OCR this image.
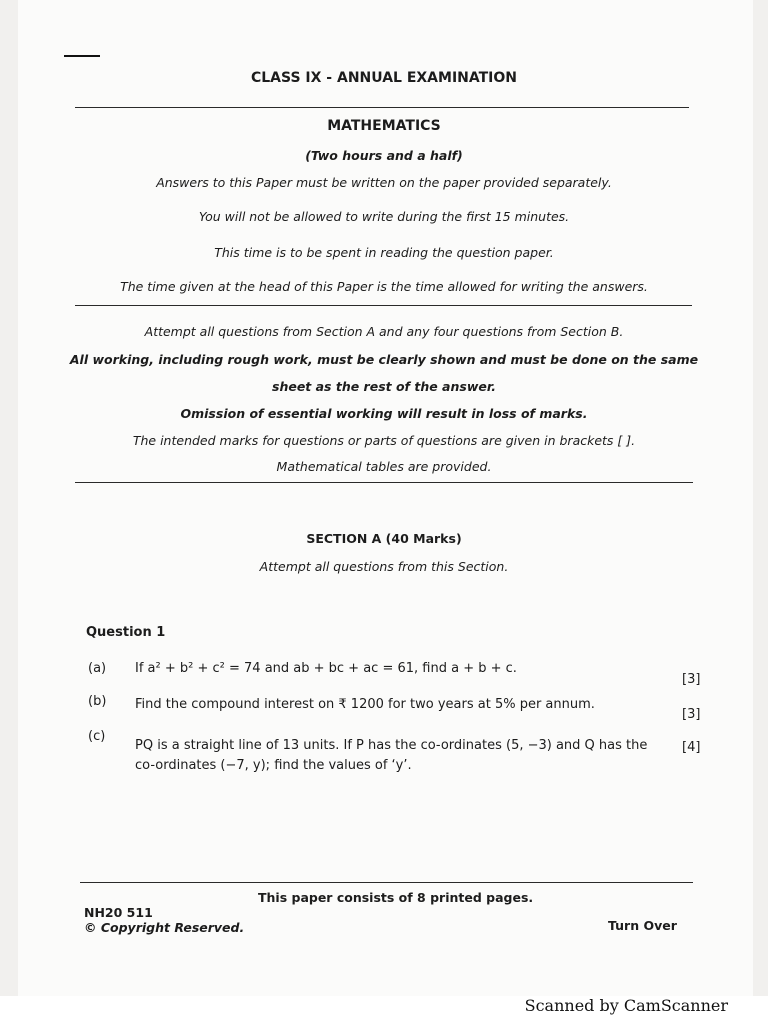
CLASS IX - ANNUAL EXAMINATION
MATHEMATICS
(Two hours and a half)
Answers to this Paper must be written on the paper provided separately.
You will not be allowed to write during the first 15 minutes.
This time is to be spent in reading the question paper.
The time given at the head of this Paper is the time allowed for writing the answers.
Attempt all questions from Section A and any four questions from Section B.
All working, including rough work, must be clearly shown and must be done on the same
sheet as the rest of the answer.
Omission of essential working will result in loss of marks.
The intended marks for questions or parts of questions are given in brackets [ ].
Mathematical tables are provided.
SECTION A (40 Marks)
Attempt all questions from this Section.
Question 1
(a) If a² + b² + c² = 74 and ab + bc + ac = 61, find a + b + c.
[3]
(b) Find the compound interest on ₹ 1200 for two years at 5% per annum.
[3]
(c)
PQ is a straight line of 13 units. If P has the co-ordinates (5, −3) and Q has the
co-ordinates (−7, y); find the values of ‘y’.
[4]
This paper consists of 8 printed pages.
NH20 511
© Copyright Reserved.	Turn Over
Scanned by CamScanner
